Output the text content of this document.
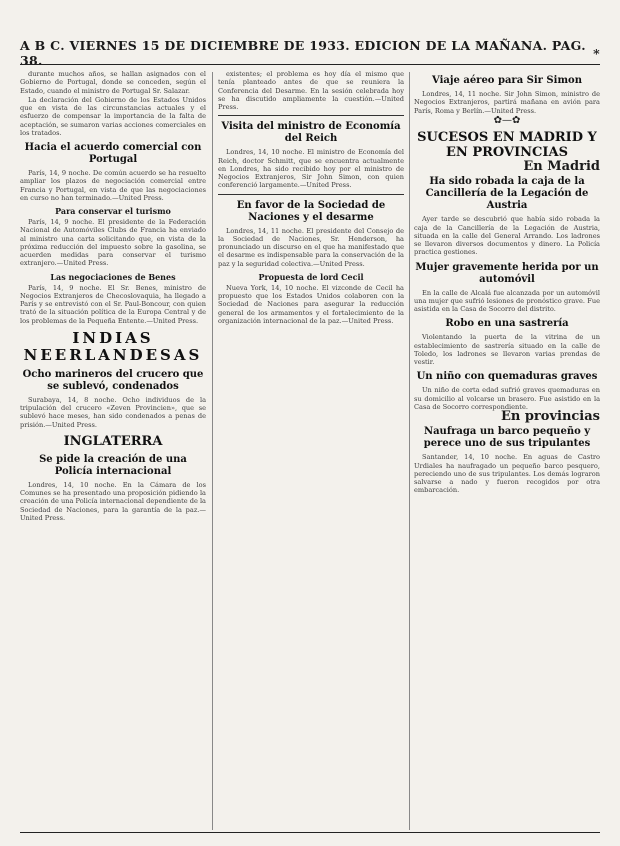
A B C. VIERNES 15 DE DICIEMBRE DE 1933. EDICION DE LA MAÑANA. PAG. 38.	*

durante muchos años, se hallan asignados con el Gobierno de Portugal, donde se conceden, según el Estado, cuando el ministro de Portugal Sr. Salazar.

La declaración del Gobierno de los Estados Unidos que en vista de las circunstancias actuales y el esfuerzo de compensar la importancia de la falta de aceptación, se sumaron varias acciones comerciales en los tratados.

Hacia el acuerdo comercial con Portugal

París, 14, 9 noche. De común acuerdo se ha resuelto ampliar los plazos de negociación comercial entre Francia y Portugal, en vista de que las negociaciones en curso no han terminado.—United Press.

Para conservar el turismo

París, 14, 9 noche. El presidente de la Federación Nacional de Automóviles Clubs de Francia ha enviado al ministro una carta solicitando que, en vista de la próxima reducción del impuesto sobre la gasolina, se acuerden medidas para conservar el turismo extranjero.—United Press.

Las negociaciones de Benes

París, 14, 9 noche. El Sr. Benes, ministro de Negocios Extranjeros de Checoslovaquia, ha llegado a París y se entrevistó con el Sr. Paul-Boncour, con quien trató de la situación política de la Europa Central y de los problemas de la Pequeña Entente.—United Press.

INDIAS NEERLANDESAS
Ocho marineros del crucero que se sublevó, condenados

Surabaya, 14, 8 noche. Ocho individuos de la tripulación del crucero «Zeven Provincien», que se sublevó hace meses, han sido condenados a penas de prisión.—United Press.

INGLATERRA
Se pide la creación de una Policía internacional

Londres, 14, 10 noche. En la Cámara de los Comunes se ha presentado una proposición pidiendo la creación de una Policía internacional dependiente de la Sociedad de Naciones, para la garantía de la paz.—United Press.

existentes; el problema es hoy día el mismo que tenía planteado antes de que se reuniera la Conferencia del Desarme. En la sesión celebrada hoy se ha discutido ampliamente la cuestión.—United Press.

Visita del ministro de Economía del Reich

Londres, 14, 10 noche. El ministro de Economía del Reich, doctor Schmitt, que se encuentra actualmente en Londres, ha sido recibido hoy por el ministro de Negocios Extranjeros, Sir John Simon, con quien conferenció largamente.—United Press.

En favor de la Sociedad de Naciones y el desarme

Londres, 14, 11 noche. El presidente del Consejo de la Sociedad de Naciones, Sr. Henderson, ha pronunciado un discurso en el que ha manifestado que el desarme es indispensable para la conservación de la paz y la seguridad colectiva.—United Press.

Propuesta de lord Cecil

Nueva York, 14, 10 noche. El vizconde de Cecil ha propuesto que los Estados Unidos colaboren con la Sociedad de Naciones para asegurar la reducción general de los armamentos y el fortalecimiento de la organización internacional de la paz.—United Press.

Viaje aéreo para Sir Simon

Londres, 14, 11 noche. Sir John Simon, ministro de Negocios Extranjeros, partirá mañana en avión para París, Roma y Berlín.—United Press.

✿—✿
SUCESOS EN MADRID Y EN PROVINCIAS
En Madrid
Ha sido robada la caja de la Cancillería de la Legación de Austria

Ayer tarde se descubrió que había sido robada la caja de la Cancillería de la Legación de Austria, situada en la calle del General Arrando. Los ladrones se llevaron diversos documentos y dinero. La Policía practica gestiones.

Mujer gravemente herida por un automóvil

En la calle de Alcalá fue alcanzada por un automóvil una mujer que sufrió lesiones de pronóstico grave. Fue asistida en la Casa de Socorro del distrito.

Robo en una sastrería

Violentando la puerta de la vitrina de un establecimiento de sastrería situado en la calle de Toledo, los ladrones se llevaron varias prendas de vestir.

Un niño con quemaduras graves

Un niño de corta edad sufrió graves quemaduras en su domicilio al volcarse un brasero. Fue asistido en la Casa de Socorro correspondiente.

En provincias
Naufraga un barco pequeño y perece uno de sus tripulantes

Santander, 14, 10 noche. En aguas de Castro Urdiales ha naufragado un pequeño barco pesquero, pereciendo uno de sus tripulantes. Los demás lograron salvarse a nado y fueron recogidos por otra embarcación.
